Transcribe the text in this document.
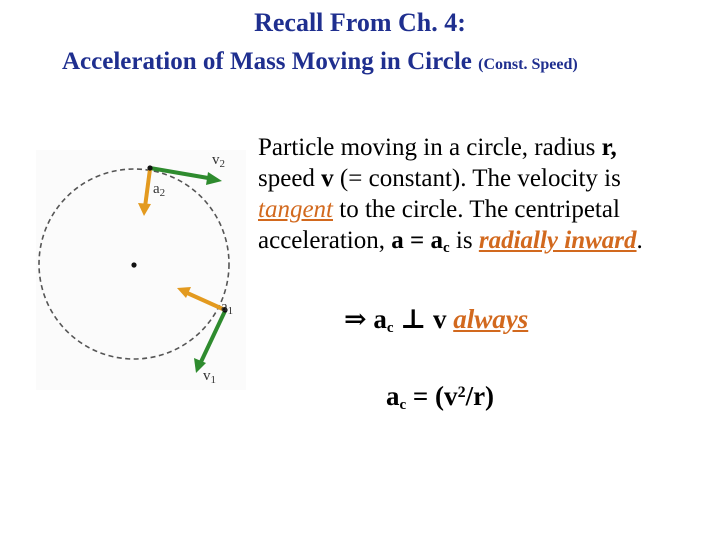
Recall From Ch. 4:
Acceleration of Mass Moving in Circle (Const. Speed)
$v_2$
$a_2$
$a_1$
$v_1$
Particle moving in a circle, radius r,
speed v (= constant). The velocity is
tangent to the circle. The centripetal
acceleration, $a = a_c$ is radially inward.
⇒ $a_c$ ⊥ v always
$a_c = (v^2/r)$
